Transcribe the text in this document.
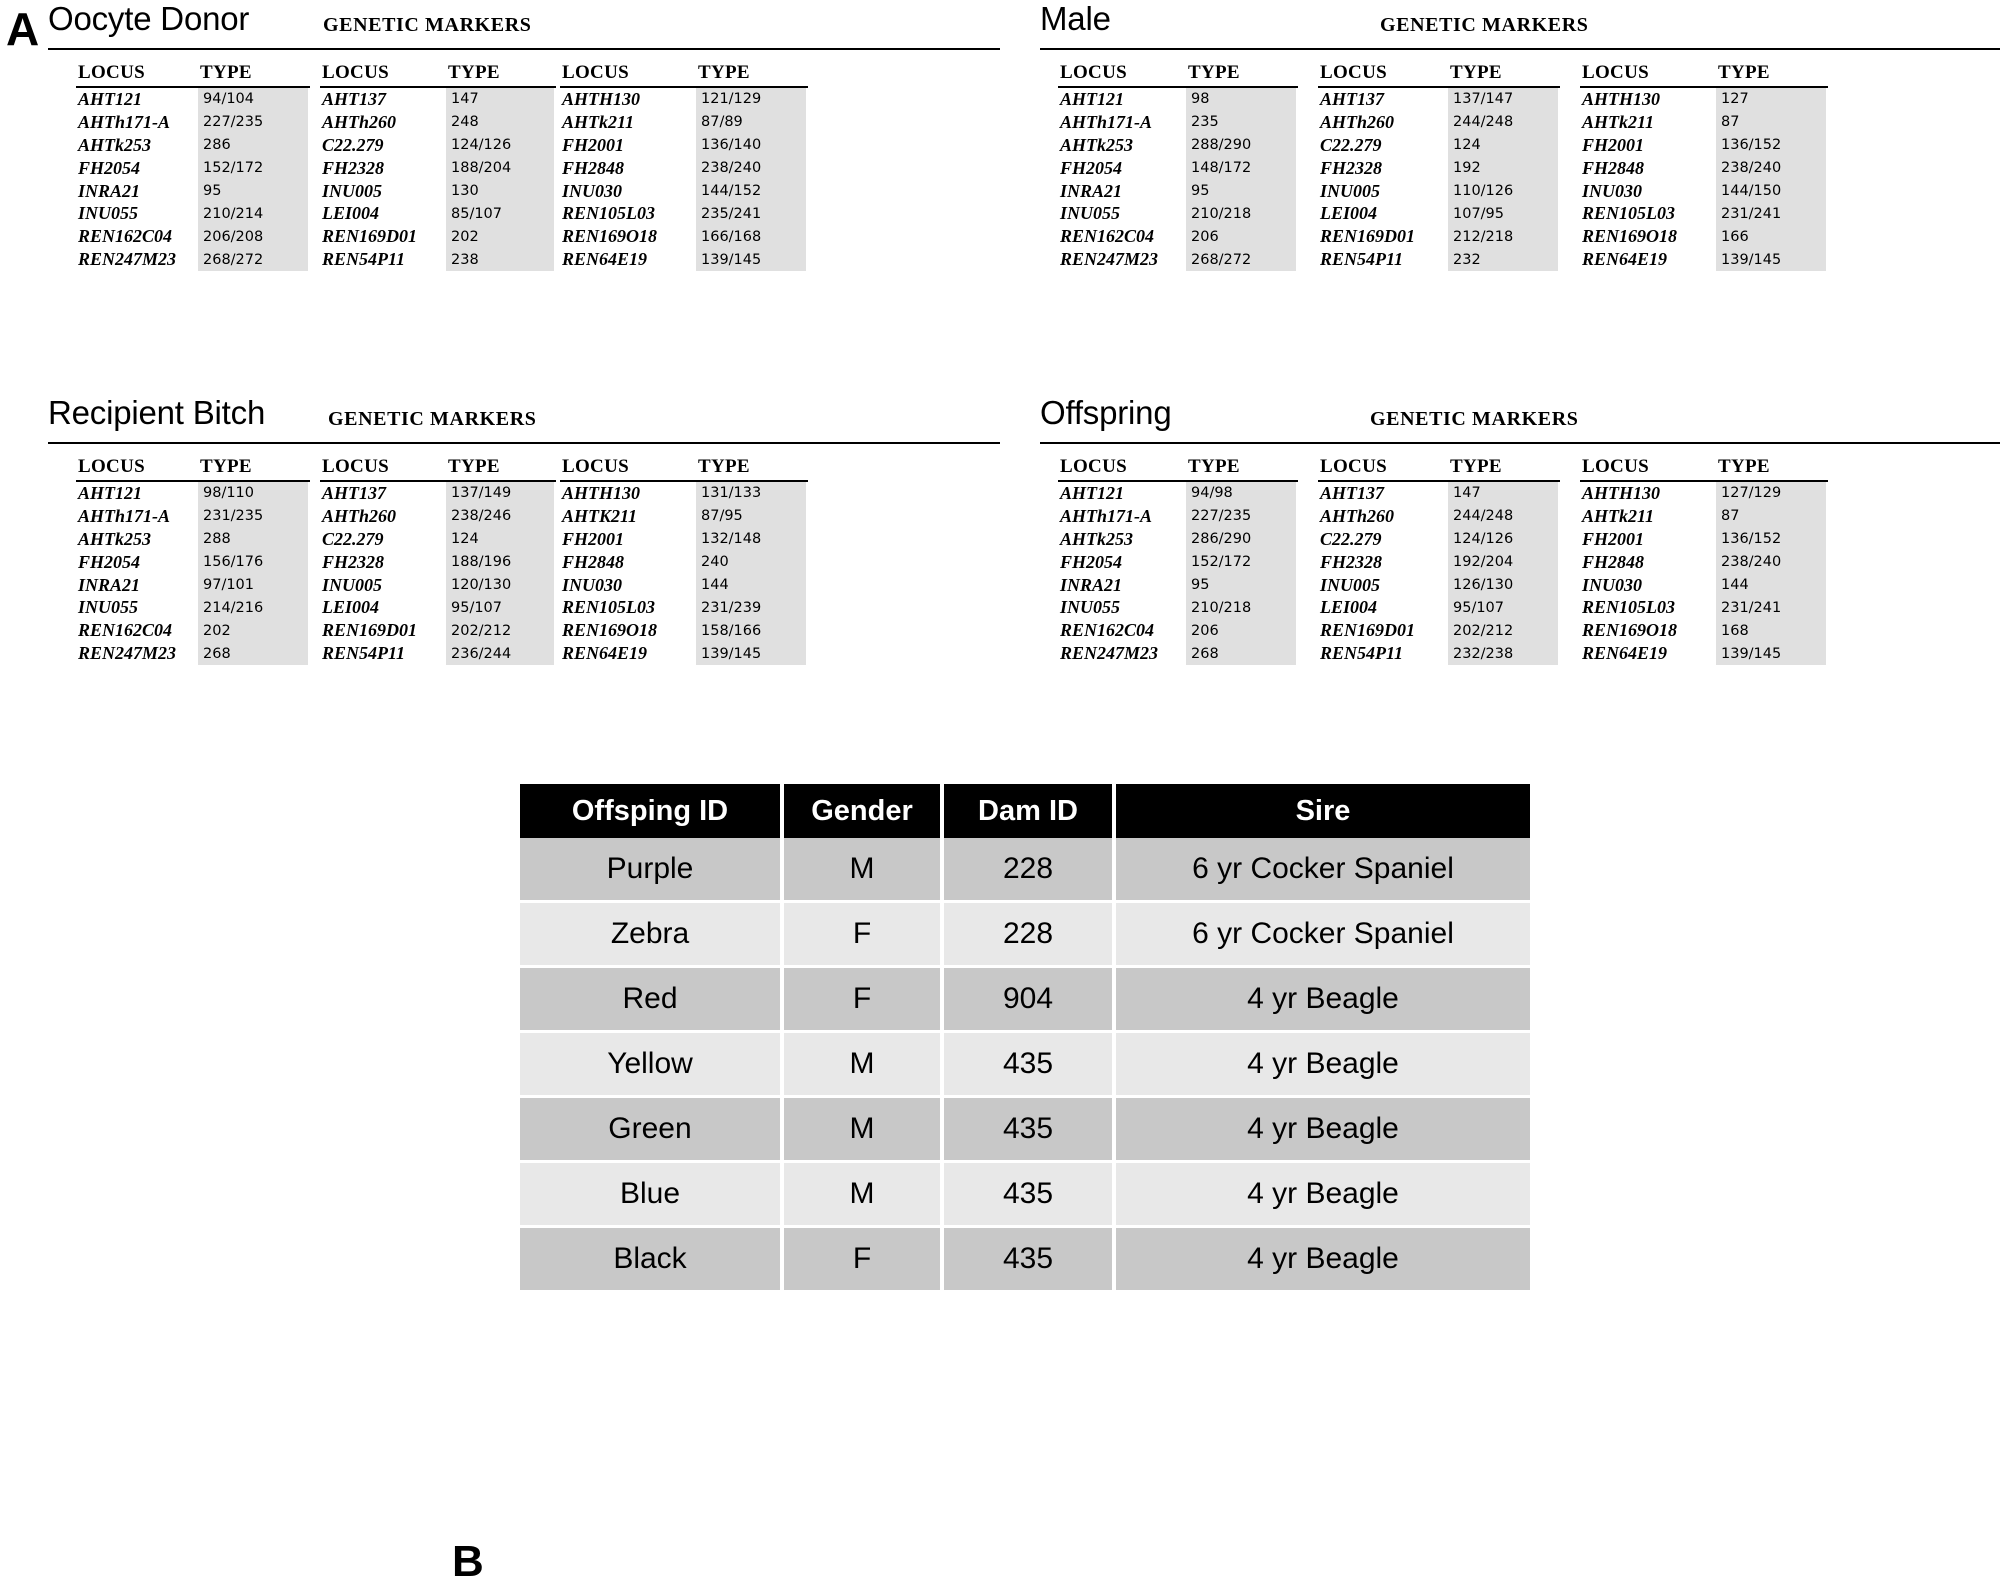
A Oocyte Donor	GENETIC MARKERS
LOCUS	TYPE
AHT121	94/104
AHTh171-A	227/235
AHTk253	286
FH2054	152/172
INRA21	95
INU055	210/214
REN162C04	206/208
REN247M23	268/272
LOCUS	TYPE
AHT137	147
AHTh260	248
C22.279	124/126
FH2328	188/204
INU005	130
LEI004	85/107
REN169D01	202
REN54P11	238
LOCUS	TYPE
AHTH130	121/129
AHTk211	87/89
FH2001	136/140
FH2848	238/240
INU030	144/152
REN105L03	235/241
REN169O18	166/168
REN64E19	139/145
Male	GENETIC MARKERS
LOCUS	TYPE
AHT121	98
AHTh171-A	235
AHTk253	288/290
FH2054	148/172
INRA21	95
INU055	210/218
REN162C04	206
REN247M23	268/272
LOCUS	TYPE
AHT137	137/147
AHTh260	244/248
C22.279	124
FH2328	192
INU005	110/126
LEI004	107/95
REN169D01	212/218
REN54P11	232
LOCUS	TYPE
AHTH130	127
AHTk211	87
FH2001	136/152
FH2848	238/240
INU030	144/150
REN105L03	231/241
REN169O18	166
REN64E19	139/145
Recipient Bitch	GENETIC MARKERS
LOCUS	TYPE
AHT121	98/110
AHTh171-A	231/235
AHTk253	288
FH2054	156/176
INRA21	97/101
INU055	214/216
REN162C04	202
REN247M23	268
LOCUS	TYPE
AHT137	137/149
AHTh260	238/246
C22.279	124
FH2328	188/196
INU005	120/130
LEI004	95/107
REN169D01	202/212
REN54P11	236/244
LOCUS	TYPE
AHTH130	131/133
AHTK211	87/95
FH2001	132/148
FH2848	240
INU030	144
REN105L03	231/239
REN169O18	158/166
REN64E19	139/145
Offspring	GENETIC MARKERS
LOCUS	TYPE
AHT121	94/98
AHTh171-A	227/235
AHTk253	286/290
FH2054	152/172
INRA21	95
INU055	210/218
REN162C04	206
REN247M23	268
LOCUS	TYPE
AHT137	147
AHTh260	244/248
C22.279	124/126
FH2328	192/204
INU005	126/130
LEI004	95/107
REN169D01	202/212
REN54P11	232/238
LOCUS	TYPE
AHTH130	127/129
AHTk211	87
FH2001	136/152
FH2848	238/240
INU030	144
REN105L03	231/241
REN169O18	168
REN64E19	139/145
B
Offsping ID	Gender	Dam ID	Sire
Purple	M	228	6 yr Cocker Spaniel
Zebra	F	228	6 yr Cocker Spaniel
Red	F	904	4 yr Beagle
Yellow	M	435	4 yr Beagle
Green	M	435	4 yr Beagle
Blue	M	435	4 yr Beagle
Black	F	435	4 yr Beagle
